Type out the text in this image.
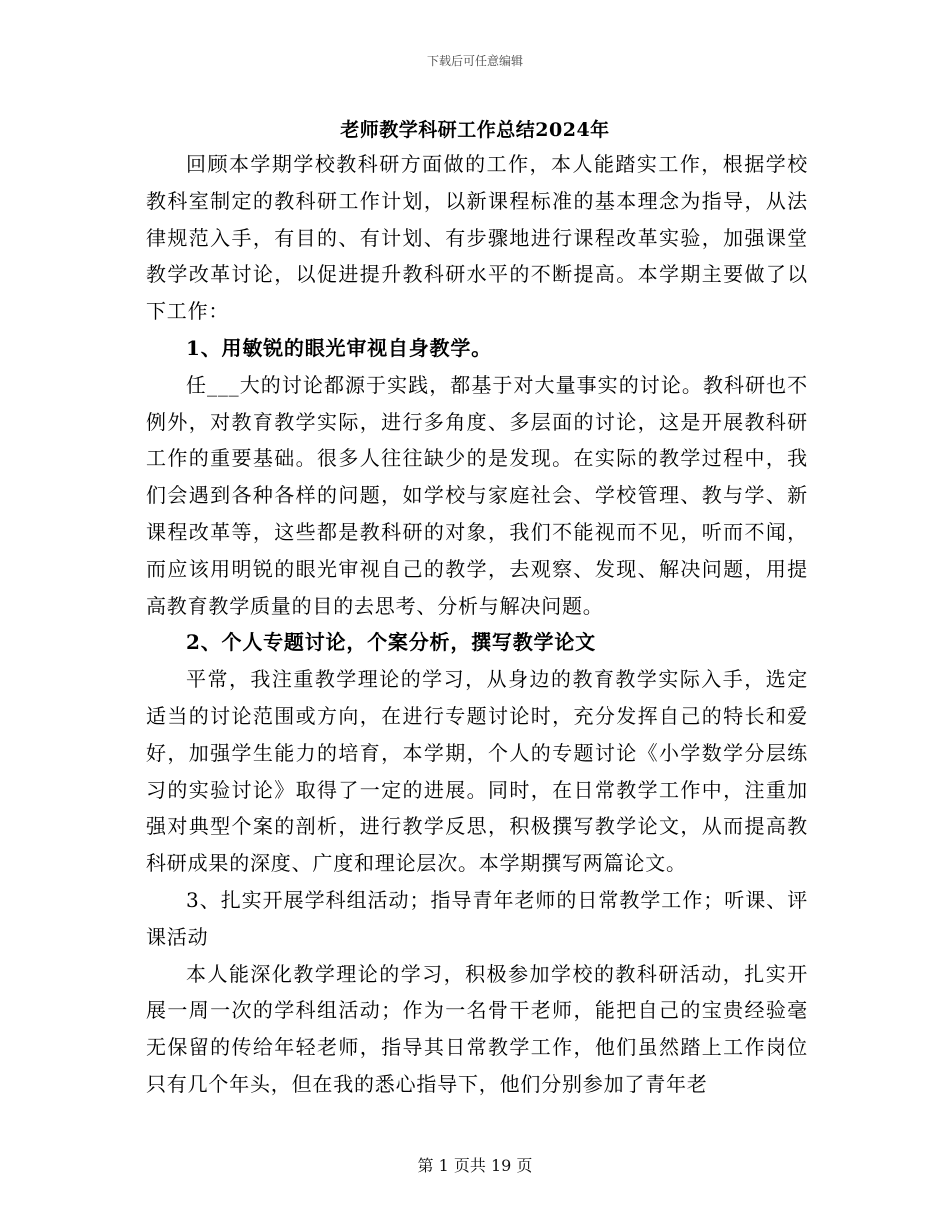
下载后可任意编辑
老师教学科研工作总结2024年

回顾本学期学校教科研方面做的工作，本人能踏实工作，根据学校教科室制定的教科研工作计划，以新课程标准的基本理念为指导，从法律规范入手，有目的、有计划、有步骤地进行课程改革实验，加强课堂教学改革讨论，以促进提升教科研水平的不断提高。本学期主要做了以下工作：

1、用敏锐的眼光审视自身教学。

任___大的讨论都源于实践，都基于对大量事实的讨论。教科研也不例外，对教育教学实际，进行多角度、多层面的讨论，这是开展教科研工作的重要基础。很多人往往缺少的是发现。在实际的教学过程中，我们会遇到各种各样的问题，如学校与家庭社会、学校管理、教与学、新课程改革等，这些都是教科研的对象，我们不能视而不见，听而不闻，而应该用明锐的眼光审视自己的教学，去观察、发现、解决问题，用提高教育教学质量的目的去思考、分析与解决问题。

2、个人专题讨论，个案分析，撰写教学论文

平常，我注重教学理论的学习，从身边的教育教学实际入手，选定适当的讨论范围或方向，在进行专题讨论时，充分发挥自己的特长和爱好，加强学生能力的培育，本学期，个人的专题讨论《小学数学分层练习的实验讨论》取得了一定的进展。同时，在日常教学工作中，注重加强对典型个案的剖析，进行教学反思，积极撰写教学论文，从而提高教科研成果的深度、广度和理论层次。本学期撰写两篇论文。

3、扎实开展学科组活动；指导青年老师的日常教学工作；听课、评课活动

本人能深化教学理论的学习，积极参加学校的教科研活动，扎实开展一周一次的学科组活动；作为一名骨干老师，能把自己的宝贵经验毫无保留的传给年轻老师，指导其日常教学工作，他们虽然踏上工作岗位只有几个年头，但在我的悉心指导下，他们分别参加了青年老

第 1 页共 19 页
